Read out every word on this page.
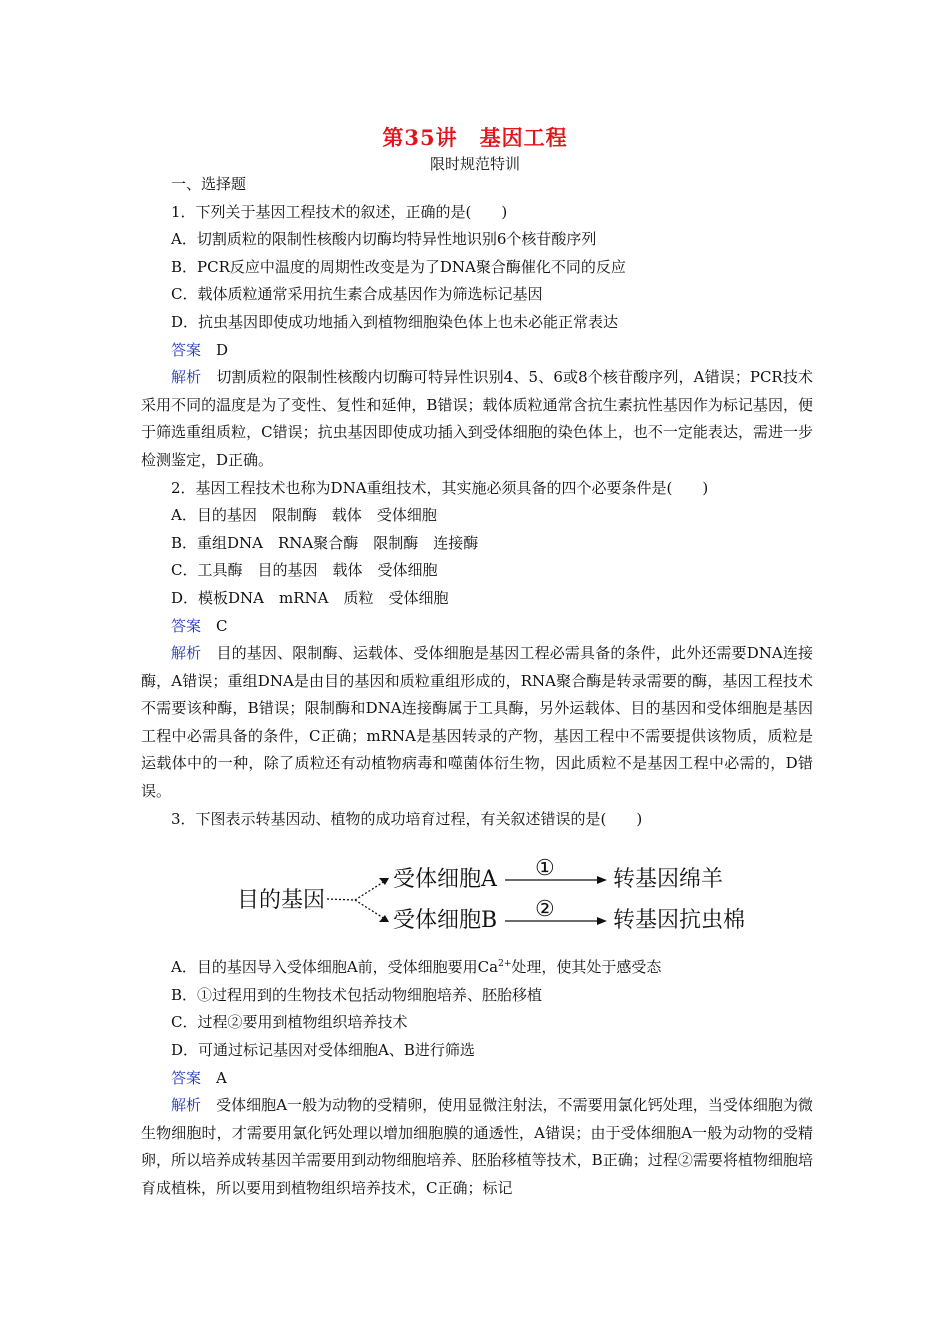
第35讲　基因工程
限时规范特训
一、选择题
1．下列关于基因工程技术的叙述，正确的是(　　)
A．切割质粒的限制性核酸内切酶均特异性地识别6个核苷酸序列
B．PCR反应中温度的周期性改变是为了DNA聚合酶催化不同的反应
C．载体质粒通常采用抗生素合成基因作为筛选标记基因
D．抗虫基因即使成功地插入到植物细胞染色体上也未必能正常表达
答案　 D
解析　 切割质粒的限制性核酸内切酶可特异性识别4、5、6或8个核苷酸序列，A错误；PCR技术采用不同的温度是为了变性、复性和延伸，B错误；载体质粒通常含抗生素抗性基因作为标记基因，便于筛选重组质粒，C错误；抗虫基因即使成功插入到受体细胞的染色体上，也不一定能表达，需进一步检测鉴定，D正确。
2．基因工程技术也称为DNA重组技术，其实施必须具备的四个必要条件是(　　)
A．目的基因　限制酶　载体　受体细胞
B．重组DNA　RNA聚合酶　限制酶　连接酶
C．工具酶　目的基因　载体　受体细胞
D．模板DNA　mRNA　质粒　受体细胞
答案　 C
解析　 目的基因、限制酶、运载体、受体细胞是基因工程必需具备的条件，此外还需要DNA连接酶，A错误；重组DNA是由目的基因和质粒重组形成的，RNA聚合酶是转录需要的酶，基因工程技术不需要该种酶，B错误；限制酶和DNA连接酶属于工具酶，另外运载体、目的基因和受体细胞是基因工程中必需具备的条件，C正确；mRNA是基因转录的产物，基因工程中不需要提供该物质，质粒是运载体中的一种，除了质粒还有动植物病毒和噬菌体衍生物，因此质粒不是基因工程中必需的，D错误。
3．下图表示转基因动、植物的成功培育过程，有关叙述错误的是(　　)
目的基因
受体细胞A
受体细胞B
①
②
转基因绵羊
转基因抗虫棉
A．目的基因导入受体细胞A前，受体细胞要用$Ca^{2+}$处理，使其处于感受态
B．①过程用到的生物技术包括动物细胞培养、胚胎移植
C．过程②要用到植物组织培养技术
D．可通过标记基因对受体细胞A、B进行筛选
答案　 A
解析　 受体细胞A一般为动物的受精卵，使用显微注射法，不需要用氯化钙处理，当受体细胞为微生物细胞时，才需要用氯化钙处理以增加细胞膜的通透性，A错误；由于受体细胞A一般为动物的受精卵，所以培养成转基因羊需要用到动物细胞培养、胚胎移植等技术，B正确；过程②需要将植物细胞培育成植株，所以要用到植物组织培养技术，C正确；标记
